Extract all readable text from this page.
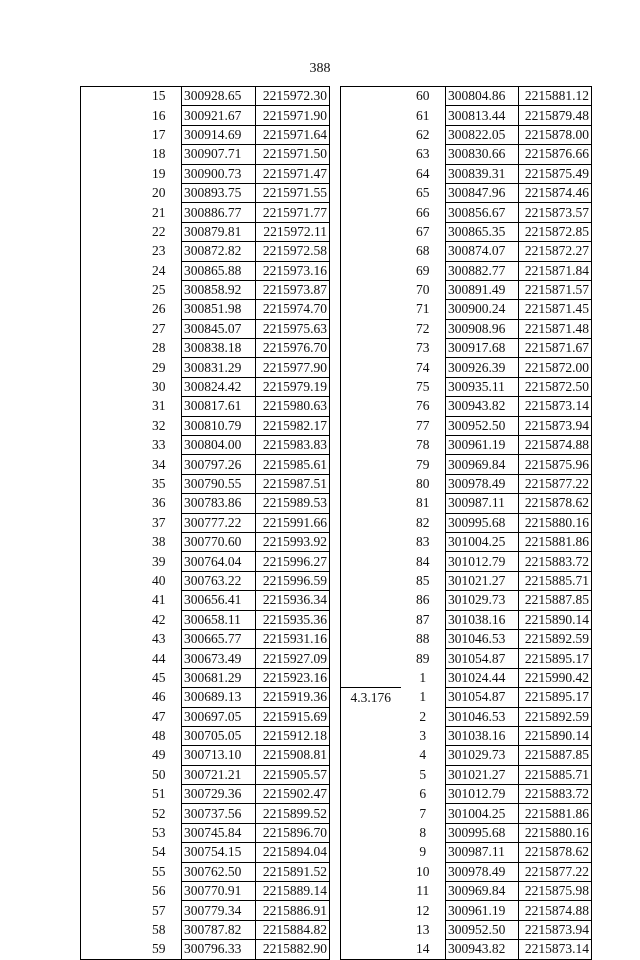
388
	15	300928.65	2215972.30
	16	300921.67	2215971.90
	17	300914.69	2215971.64
	18	300907.71	2215971.50
	19	300900.73	2215971.47
	20	300893.75	2215971.55
	21	300886.77	2215971.77
	22	300879.81	2215972.11
	23	300872.82	2215972.58
	24	300865.88	2215973.16
	25	300858.92	2215973.87
	26	300851.98	2215974.70
	27	300845.07	2215975.63
	28	300838.18	2215976.70
	29	300831.29	2215977.90
	30	300824.42	2215979.19
	31	300817.61	2215980.63
	32	300810.79	2215982.17
	33	300804.00	2215983.83
	34	300797.26	2215985.61
	35	300790.55	2215987.51
	36	300783.86	2215989.53
	37	300777.22	2215991.66
	38	300770.60	2215993.92
	39	300764.04	2215996.27
	40	300763.22	2215996.59
	41	300656.41	2215936.34
	42	300658.11	2215935.36
	43	300665.77	2215931.16
	44	300673.49	2215927.09
	45	300681.29	2215923.16
	46	300689.13	2215919.36
	47	300697.05	2215915.69
	48	300705.05	2215912.18
	49	300713.10	2215908.81
	50	300721.21	2215905.57
	51	300729.36	2215902.47
	52	300737.56	2215899.52
	53	300745.84	2215896.70
	54	300754.15	2215894.04
	55	300762.50	2215891.52
	56	300770.91	2215889.14
	57	300779.34	2215886.91
	58	300787.82	2215884.82
	59	300796.33	2215882.90
	60	300804.86	2215881.12
	61	300813.44	2215879.48
	62	300822.05	2215878.00
	63	300830.66	2215876.66
	64	300839.31	2215875.49
	65	300847.96	2215874.46
	66	300856.67	2215873.57
	67	300865.35	2215872.85
	68	300874.07	2215872.27
	69	300882.77	2215871.84
	70	300891.49	2215871.57
	71	300900.24	2215871.45
	72	300908.96	2215871.48
	73	300917.68	2215871.67
	74	300926.39	2215872.00
	75	300935.11	2215872.50
	76	300943.82	2215873.14
	77	300952.50	2215873.94
	78	300961.19	2215874.88
	79	300969.84	2215875.96
	80	300978.49	2215877.22
	81	300987.11	2215878.62
	82	300995.68	2215880.16
	83	301004.25	2215881.86
	84	301012.79	2215883.72
	85	301021.27	2215885.71
	86	301029.73	2215887.85
	87	301038.16	2215890.14
	88	301046.53	2215892.59
	89	301054.87	2215895.17
	1	301024.44	2215990.42
4.3.176	1	301054.87	2215895.17
	2	301046.53	2215892.59
	3	301038.16	2215890.14
	4	301029.73	2215887.85
	5	301021.27	2215885.71
	6	301012.79	2215883.72
	7	301004.25	2215881.86
	8	300995.68	2215880.16
	9	300987.11	2215878.62
	10	300978.49	2215877.22
	11	300969.84	2215875.98
	12	300961.19	2215874.88
	13	300952.50	2215873.94
	14	300943.82	2215873.14
